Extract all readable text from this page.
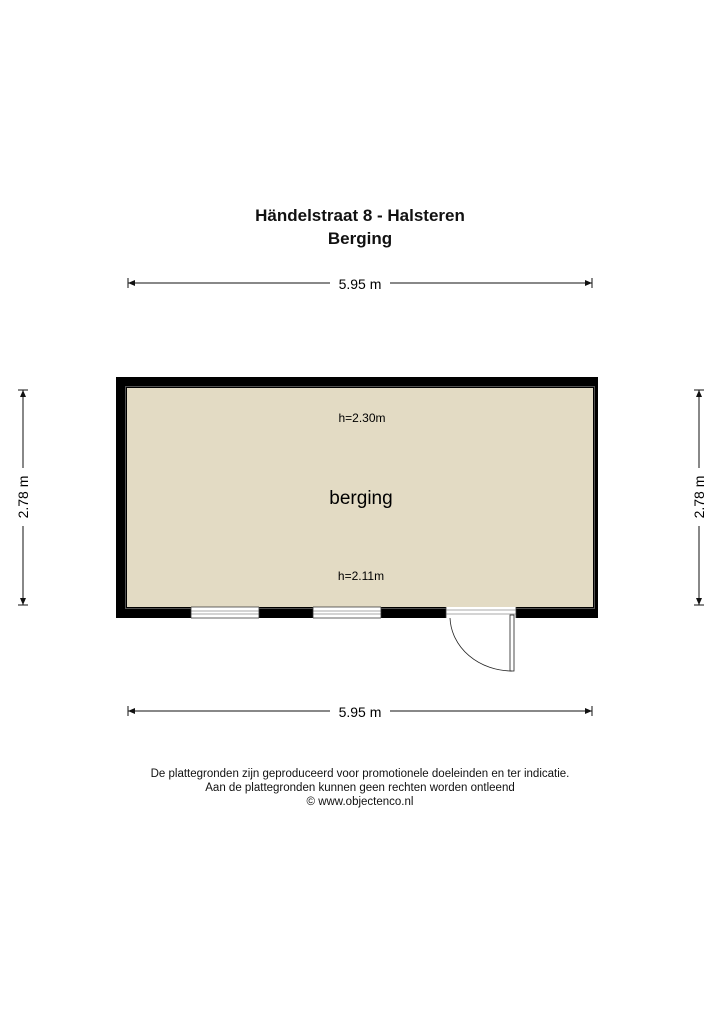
Händelstraat 8 - Halsteren
Berging
5.95 m
5.95 m
2.78 m	2.78 m
h=2.30m
berging
h=2.11m
De plattegronden zijn geproduceerd voor promotionele doeleinden en ter indicatie.
Aan de plattegronden kunnen geen rechten worden ontleend
© www.objectenco.nl
